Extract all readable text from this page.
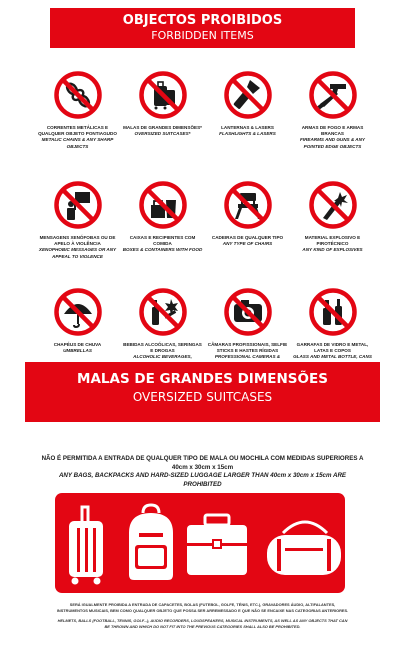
OBJECTOS PROIBIDOS
FORBIDDEN ITEMS
CORRENTES METÁLICAS E QUALQUER OBJETO PONTIAGUDO
METALIC CHAINS & ANY SHARP OBJECTS
MALAS DE GRANDES DIMENSÕES*
OVERSIZED SUITCASES*
LANTERNAS & LASERS
FLASHLIGHTS & LASERS
ARMAS DE FOGO E ARMAS BRANCAS
FIREARMS AND GUNS & ANY POINTED EDGE OBJECTS
MENSAGENS XENÓFOBAS OU DE APELO À VIOLÊNCIA
XENOPHOBIC MESSAGES OR ANY APPEAL TO VIOLENCE
CAIXAS E RECIPIENTES COM COMIDA
BOXES & CONTAINERS WITH FOOD
CADEIRAS DE QUALQUER TIPO
ANY TYPE OF CHAIRS
MATERIAL EXPLOSIVO E PIROTÉCNICO
ANY KIND OF EXPLOSIVES
CHAPÉUS DE CHUVA
UMBRELLAS
BEBIDAS ALCOÓLICAS, SERINGAS E DROGAS
ALCOHOLIC BEVERAGES,
CÂMARAS PROFISSIONAIS, SELFIE STICKS E HASTES RÍGIDAS
PROFESSIONAL CAMERAS &
GARRAFAS DE VIDRO E METAL, LATAS E COPOS
GLASS AND METAL BOTTLE, CANS
MALAS DE GRANDES DIMENSÕES
OVERSIZED SUITCASES
NÃO É PERMITIDA A ENTRADA DE QUALQUER TIPO DE MALA OU MOCHILA COM MEDIDAS SUPERIORES A 40cm x 30cm x 15cm
ANY BAGS, BACKPACKS AND HARD-SIZED LUGGAGE LARGER THAN 40cm x 30cm x 15cm ARE PROHIBITED
SERÁ IGUALMENTE PROIBIDA A ENTRADA DE CAPACETES, BOLAS (FUTEBOL, GOLFE, TÉNIS, ETC.), GRAVADORES ÁUDIO, ALTIFALANTES, INSTRUMENTOS MUSICAIS, BEM COMO QUALQUER OBJETO QUE POSSA SER ARREMESSADO E QUE NÃO SE ENCAIXE NAS CATEGORIAS ANTERIORES.
HELMETS, BALLS (FOOTBALL, TENNIS, GOLF...), AUDIO RECORDERS, LOUDSPEAKERS, MUSICAL INSTRUMENTS, AS WELL AS ANY OBJECTS THAT CAN BE THROWN AND WHICH DO NOT FIT INTO THE PREVIOUS CATEGORIES SHALL ALSO BE PROHIBITED.
